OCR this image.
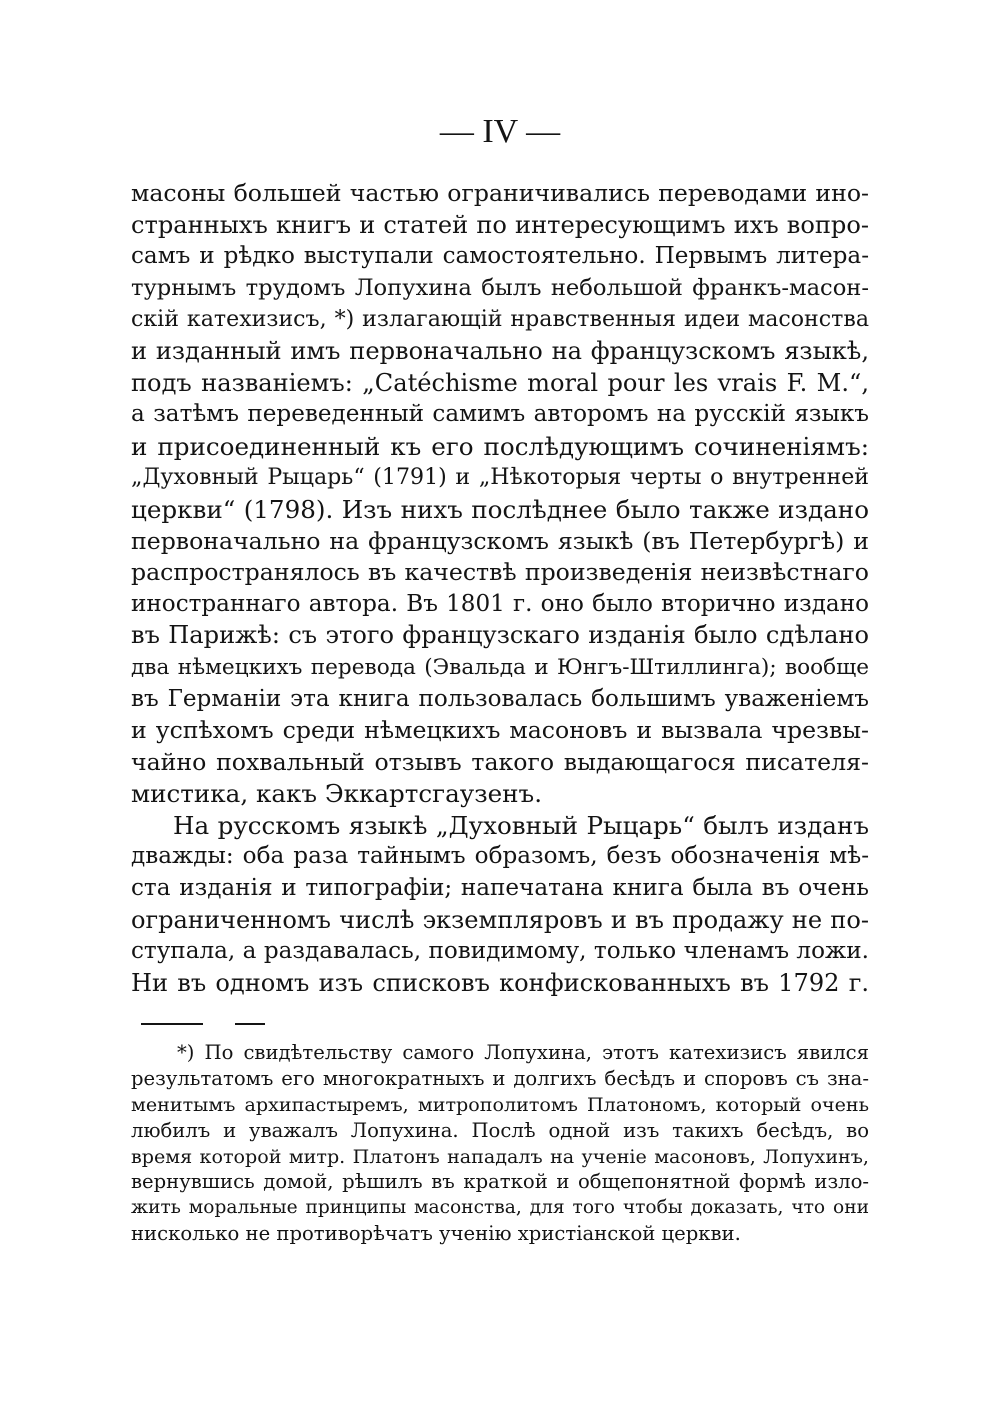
— IV —
масоны большей частью ограничивались переводами ино-
странныхъ книгъ и статей по интересующимъ ихъ вопро-
самъ и рѣдко выступали самостоятельно. Первымъ литера-
турнымъ трудомъ Лопухина былъ небольшой франкъ-масон-
скій катехизисъ, *) излагающій нравственныя идеи масонства
и изданный имъ первоначально на французскомъ языкѣ,
подъ названіемъ: „Catéchisme moral pour les vrais F. M.“,
а затѣмъ переведенный самимъ авторомъ на русскій языкъ
и присоединенный къ его послѣдующимъ сочиненіямъ:
„Духовный Рыцарь“ (1791) и „Нѣкоторыя черты о внутренней
церкви“ (1798). Изъ нихъ послѣднее было также издано
первоначально на французскомъ языкѣ (въ Петербургѣ) и
распространялось въ качествѣ произведенія неизвѣстнаго
иностраннаго автора. Въ 1801 г. оно было вторично издано
въ Парижѣ: съ этого французскаго изданія было сдѣлано
два нѣмецкихъ перевода (Эвальда и Юнгъ-Штиллинга); вообще
въ Германіи эта книга пользовалась большимъ уваженіемъ
и успѣхомъ среди нѣмецкихъ масоновъ и вызвала чрезвы-
чайно похвальный отзывъ такого выдающагося писателя-
мистика, какъ Эккартсгаузенъ.
На русскомъ языкѣ „Духовный Рыцарь“ былъ изданъ
дважды: оба раза тайнымъ образомъ, безъ обозначенія мѣ-
ста изданія и типографіи; напечатана книга была въ очень
ограниченномъ числѣ экземпляровъ и въ продажу не по-
ступала, а раздавалась, повидимому, только членамъ ложи.
Ни въ одномъ изъ списковъ конфискованныхъ въ 1792 г.
*) По свидѣтельству самого Лопухина, этотъ катехизисъ явился
результатомъ его многократныхъ и долгихъ бесѣдъ и споровъ съ зна-
менитымъ архипастыремъ, митрополитомъ Платономъ, который очень
любилъ и уважалъ Лопухина. Послѣ одной изъ такихъ бесѣдъ, во
время которой митр. Платонъ нападалъ на ученіе масоновъ, Лопухинъ,
вернувшись домой, рѣшилъ въ краткой и общепонятной формѣ изло-
жить моральные принципы масонства, для того чтобы доказать, что они
нисколько не противорѣчатъ ученію христіанской церкви.
